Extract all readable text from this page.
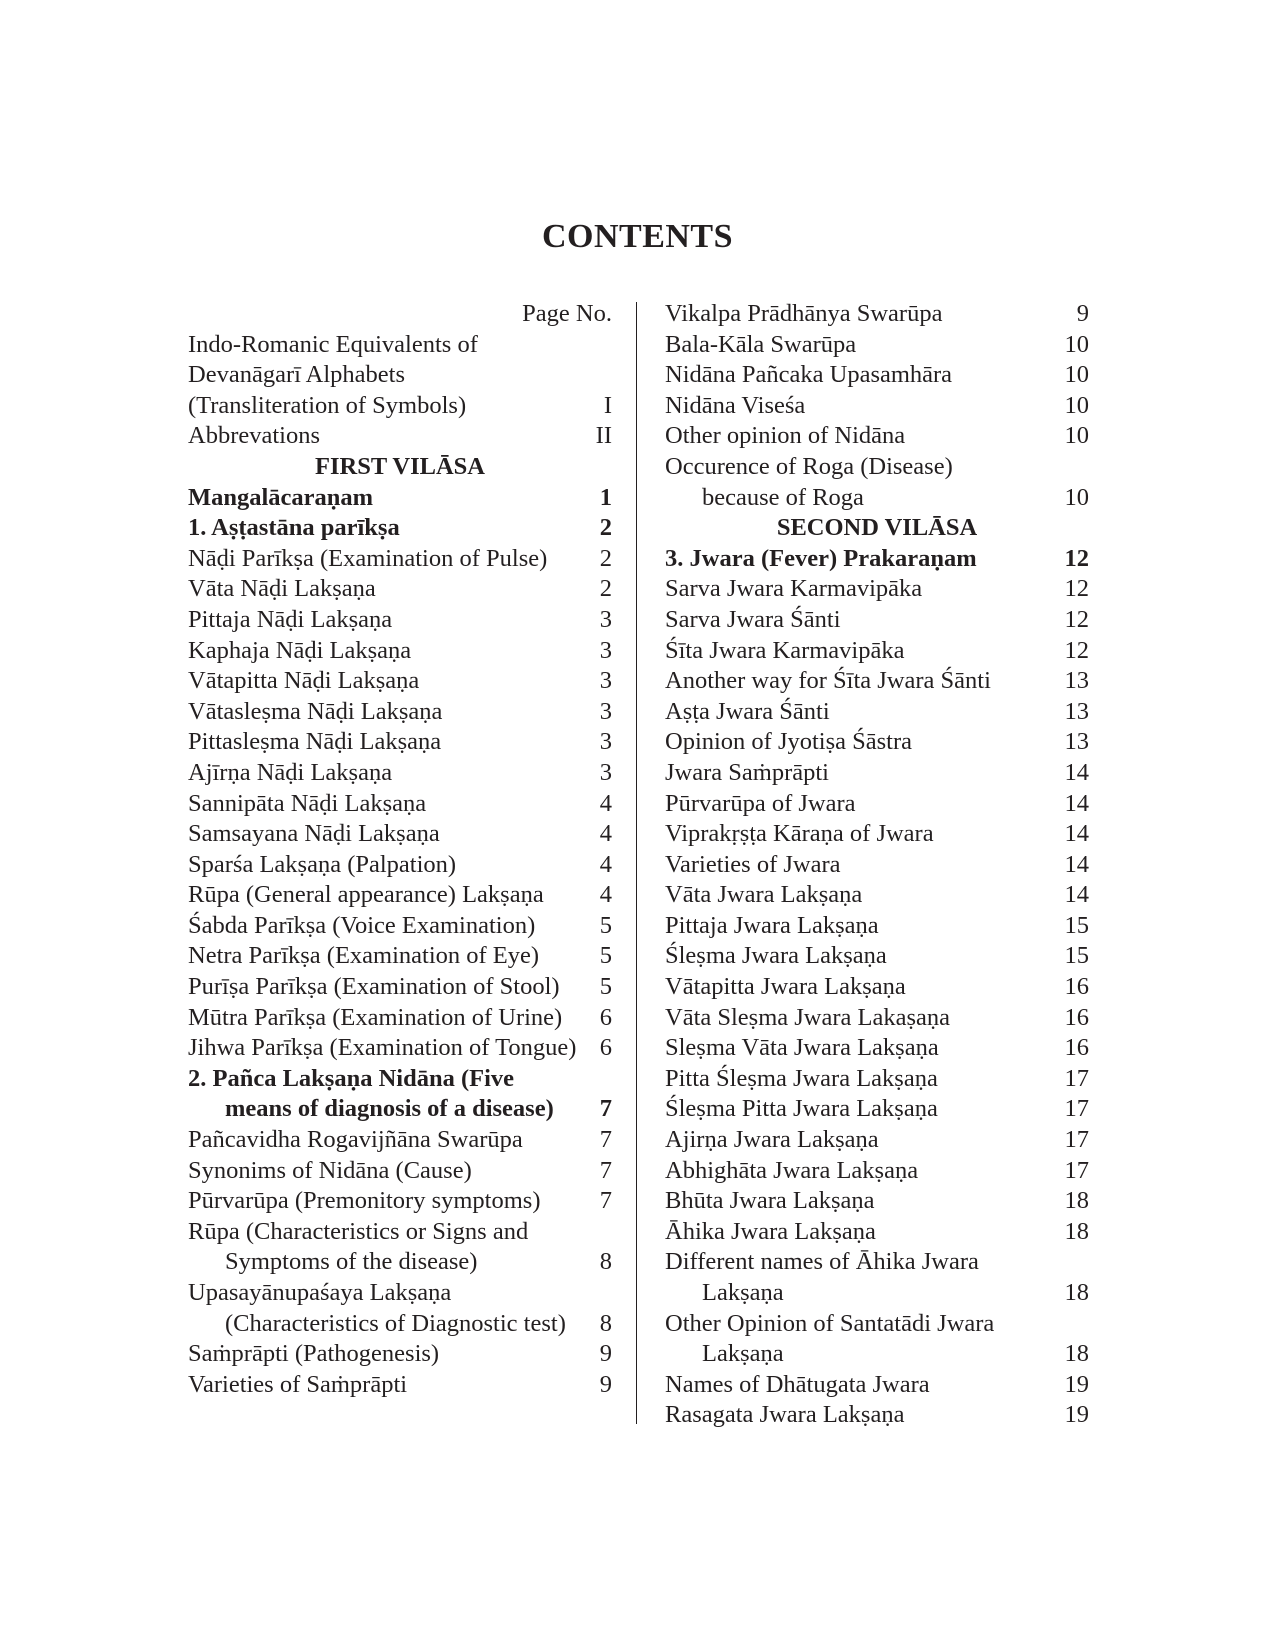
CONTENTS
Page No.
Indo-Romanic Equivalents of
Devanāgarī Alphabets
(Transliteration of Symbols)	I
Abbrevations	II
FIRST VILĀSA
Mangalācaraṇam	1
1. Aṣṭastāna parīkṣa	2
Nāḍi Parīkṣa (Examination of Pulse) 2
Vāta Nāḍi Lakṣaṇa	2
Pittaja Nāḍi Lakṣaṇa	3
Kaphaja Nāḍi Lakṣaṇa	3
Vātapitta Nāḍi Lakṣaṇa	3
Vātasleṣma Nāḍi Lakṣaṇa	3
Pittasleṣma Nāḍi Lakṣaṇa	3
Ajīrṇa Nāḍi Lakṣaṇa	3
Sannipāta Nāḍi Lakṣaṇa	4
Samsayana Nāḍi Lakṣaṇa	4
Sparśa Lakṣaṇa (Palpation)	4
Rūpa (General appearance) Lakṣaṇa 4
Śabda Parīkṣa (Voice Examination)	5
Netra Parīkṣa (Examination of Eye) 5
Purīṣa Parīkṣa (Examination of Stool) 5
Mūtra Parīkṣa (Examination of Urine) 6
Jihwa Parīkṣa (Examination of Tongue) 6
2. Pañca Lakṣaṇa Nidāna (Five
means of diagnosis of a disease) 7
Pañcavidha Rogavijñāna Swarūpa	7
Synonims of Nidāna (Cause)	7
Pūrvarūpa (Premonitory symptoms) 7
Rūpa (Characteristics or Signs and
Symptoms of the disease)	8
Upasayānupaśaya Lakṣaṇa
(Characteristics of Diagnostic test) 8
Saṁprāpti (Pathogenesis)	9
Varieties of Saṁprāpti	9
Vikalpa Prādhānya Swarūpa	9
Bala-Kāla Swarūpa	10
Nidāna Pañcaka Upasamhāra	10
Nidāna Viseśa	10
Other opinion of Nidāna	10
Occurence of Roga (Disease)
because of Roga	10
SECOND VILĀSA
3. Jwara (Fever) Prakaraṇam	12
Sarva Jwara Karmavipāka	12
Sarva Jwara Śānti	12
Śīta Jwara Karmavipāka	12
Another way for Śīta Jwara Śānti	13
Aṣṭa Jwara Śānti	13
Opinion of Jyotiṣa Śāstra	13
Jwara Saṁprāpti	14
Pūrvarūpa of Jwara	14
Viprakṛṣṭa Kāraṇa of Jwara	14
Varieties of Jwara	14
Vāta Jwara Lakṣaṇa	14
Pittaja Jwara Lakṣaṇa	15
Śleṣma Jwara Lakṣaṇa	15
Vātapitta Jwara Lakṣaṇa	16
Vāta Sleṣma Jwara Lakaṣaṇa	16
Sleṣma Vāta Jwara Lakṣaṇa	16
Pitta Śleṣma Jwara Lakṣaṇa	17
Śleṣma Pitta Jwara Lakṣaṇa	17
Ajirṇa Jwara Lakṣaṇa	17
Abhighāta Jwara Lakṣaṇa	17
Bhūta Jwara Lakṣaṇa	18
Āhika Jwara Lakṣaṇa	18
Different names of Āhika Jwara
Lakṣaṇa	18
Other Opinion of Santatādi Jwara
Lakṣaṇa	18
Names of Dhātugata Jwara	19
Rasagata Jwara Lakṣaṇa	19
